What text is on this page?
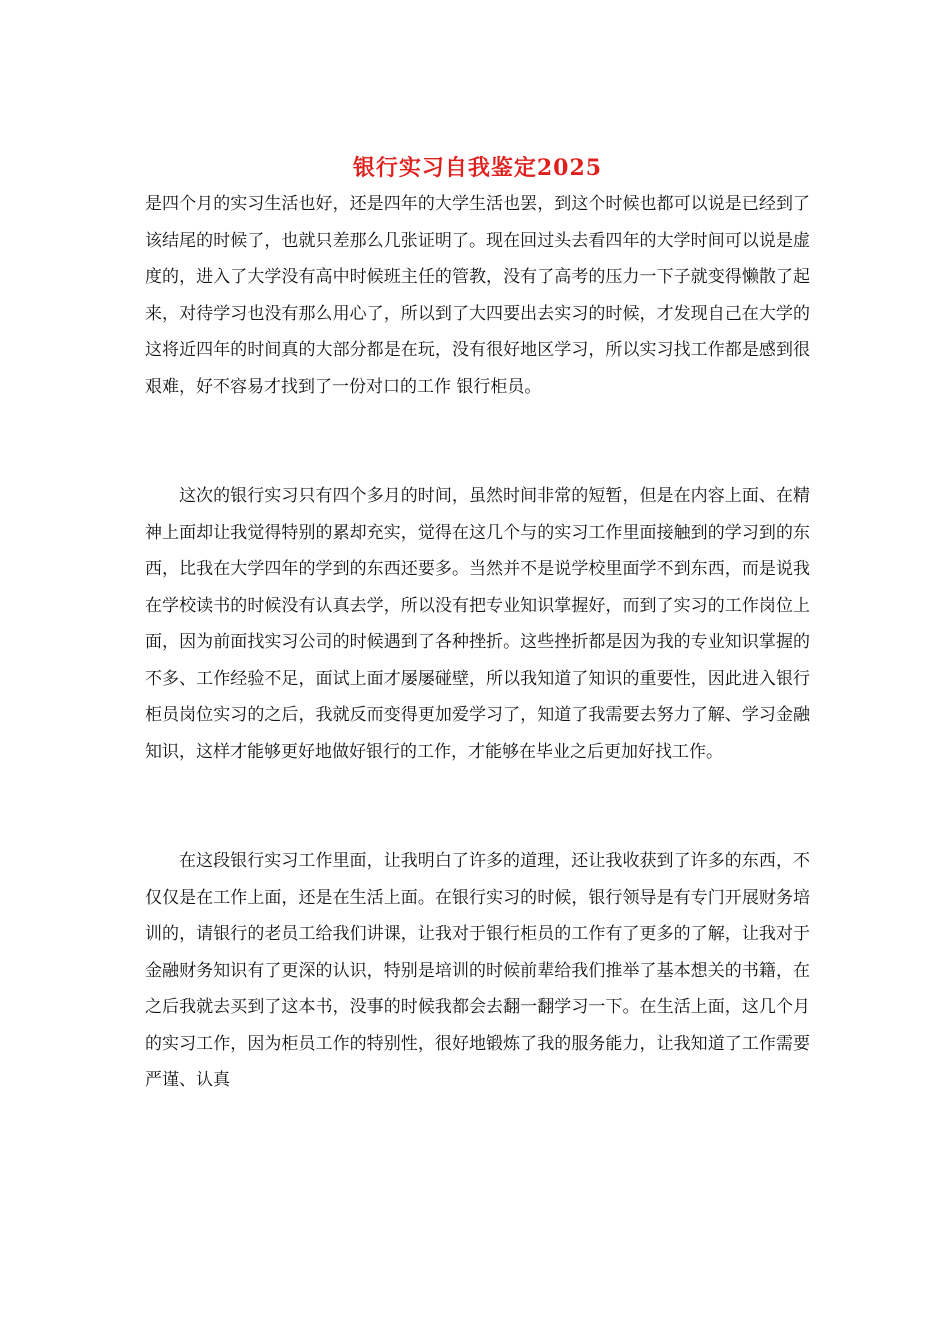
银行实习自我鉴定2025

是四个月的实习生活也好，还是四年的大学生活也罢，到这个时候也都可以说是已经到了该结尾的时候了，也就只差那么几张证明了。现在回过头去看四年的大学时间可以说是虚度的，进入了大学没有高中时候班主任的管教，没有了高考的压力一下子就变得懒散了起来，对待学习也没有那么用心了，所以到了大四要出去实习的时候，才发现自己在大学的这将近四年的时间真的大部分都是在玩，没有很好地区学习，所以实习找工作都是感到很艰难，好不容易才找到了一份对口的工作 银行柜员。

这次的银行实习只有四个多月的时间，虽然时间非常的短暂，但是在内容上面、在精神上面却让我觉得特别的累却充实，觉得在这几个与的实习工作里面接触到的学习到的东西，比我在大学四年的学到的东西还要多。当然并不是说学校里面学不到东西，而是说我在学校读书的时候没有认真去学，所以没有把专业知识掌握好，而到了实习的工作岗位上面，因为前面找实习公司的时候遇到了各种挫折。这些挫折都是因为我的专业知识掌握的不多、工作经验不足，面试上面才屡屡碰壁，所以我知道了知识的重要性，因此进入银行柜员岗位实习的之后，我就反而变得更加爱学习了，知道了我需要去努力了解、学习金融知识，这样才能够更好地做好银行的工作，才能够在毕业之后更加好找工作。

在这段银行实习工作里面，让我明白了许多的道理，还让我收获到了许多的东西，不仅仅是在工作上面，还是在生活上面。在银行实习的时候，银行领导是有专门开展财务培训的，请银行的老员工给我们讲课，让我对于银行柜员的工作有了更多的了解，让我对于金融财务知识有了更深的认识，特别是培训的时候前辈给我们推举了基本想关的书籍，在之后我就去买到了这本书，没事的时候我都会去翻一翻学习一下。在生活上面，这几个月的实习工作，因为柜员工作的特别性，很好地锻炼了我的服务能力，让我知道了工作需要严谨、认真
